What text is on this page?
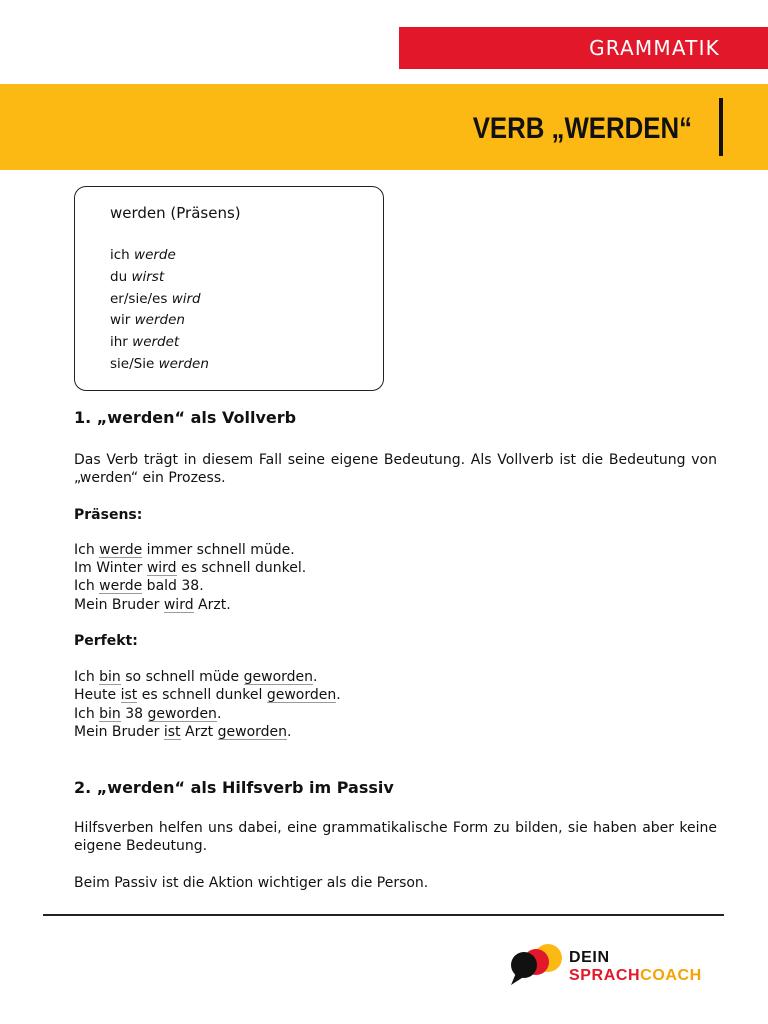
GRAMMATIK
VERB „WERDEN“
werden (Präsens)
ich werde
du wirst
er/sie/es wird
wir werden
ihr werdet
sie/Sie werden
1. „werden“ als Vollverb

Das Verb trägt in diesem Fall seine eigene Bedeutung. Als Vollverb ist die Bedeutung von „werden“ ein Prozess.

Präsens:

Ich werde immer schnell müde.

Im Winter wird es schnell dunkel.

Ich werde bald 38.

Mein Bruder wird Arzt.

Perfekt:

Ich bin so schnell müde geworden.

Heute ist es schnell dunkel geworden.

Ich bin 38 geworden.

Mein Bruder ist Arzt geworden.

2. „werden“ als Hilfsverb im Passiv

Hilfsverben helfen uns dabei, eine grammatikalische Form zu bilden, sie haben aber keine eigene Bedeutung.

Beim Passiv ist die Aktion wichtiger als die Person.

DEIN
SPRACHCOACH
